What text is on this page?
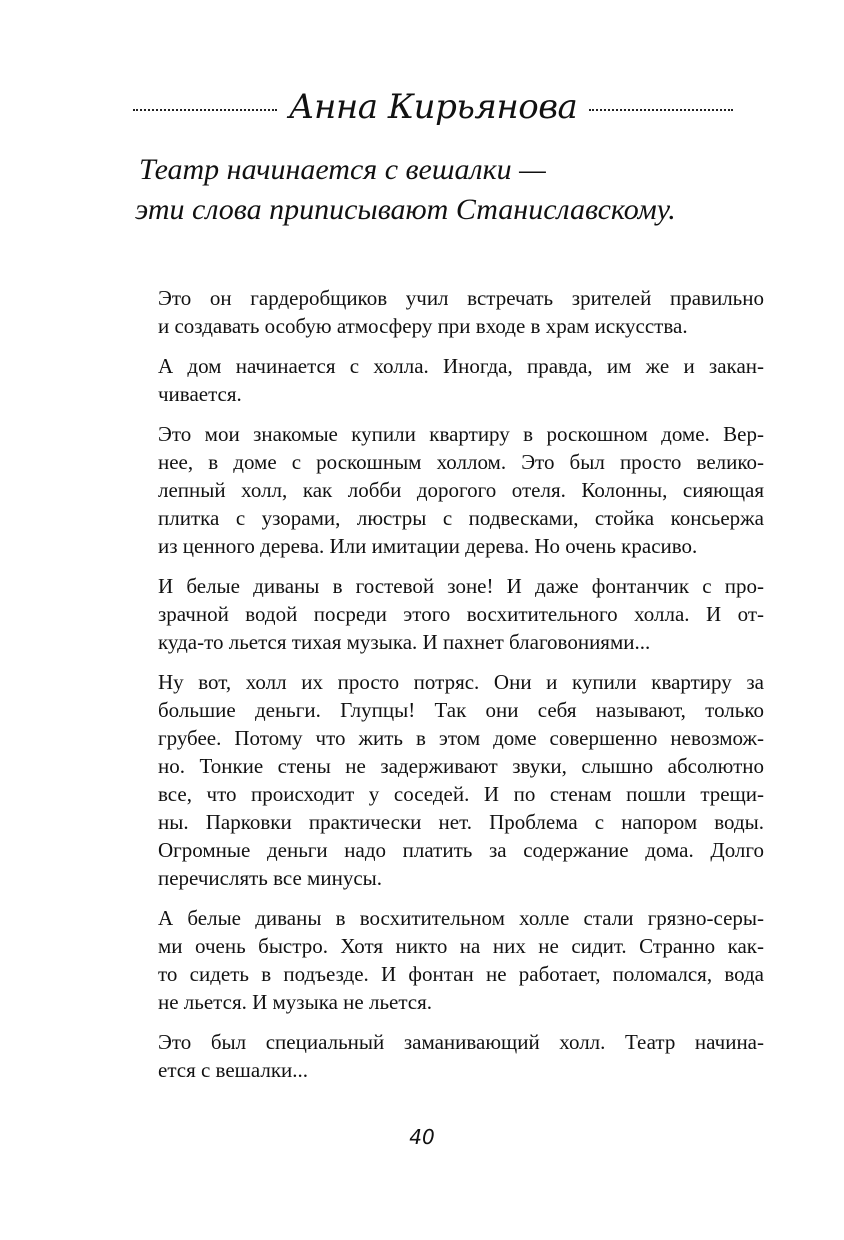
Анна Кирьянова
Театр начинается с вешалки —
эти слова приписывают Станиславскому.
Это он гардеробщиков учил встречать зрителей правильно
и создавать особую атмосферу при входе в храм искусства.
А дом начинается с холла. Иногда, правда, им же и закан-
чивается.
Это мои знакомые купили квартиру в роскошном доме. Вер-
нее, в доме с роскошным холлом. Это был просто велико-
лепный холл, как лобби дорогого отеля. Колонны, сияющая
плитка с узорами, люстры с подвесками, стойка консьержа
из ценного дерева. Или имитации дерева. Но очень красиво.
И белые диваны в гостевой зоне! И даже фонтанчик с про-
зрачной водой посреди этого восхитительного холла. И от-
куда-то льется тихая музыка. И пахнет благовониями...
Ну вот, холл их просто потряс. Они и купили квартиру за
большие деньги. Глупцы! Так они себя называют, только
грубее. Потому что жить в этом доме совершенно невозмож-
но. Тонкие стены не задерживают звуки, слышно абсолютно
все, что происходит у соседей. И по стенам пошли трещи-
ны. Парковки практически нет. Проблема с напором воды.
Огромные деньги надо платить за содержание дома. Долго
перечислять все минусы.
А белые диваны в восхитительном холле стали грязно-серы-
ми очень быстро. Хотя никто на них не сидит. Странно как-
то сидеть в подъезде. И фонтан не работает, поломался, вода
не льется. И музыка не льется.
Это был специальный заманивающий холл. Театр начина-
ется с вешалки...
40
